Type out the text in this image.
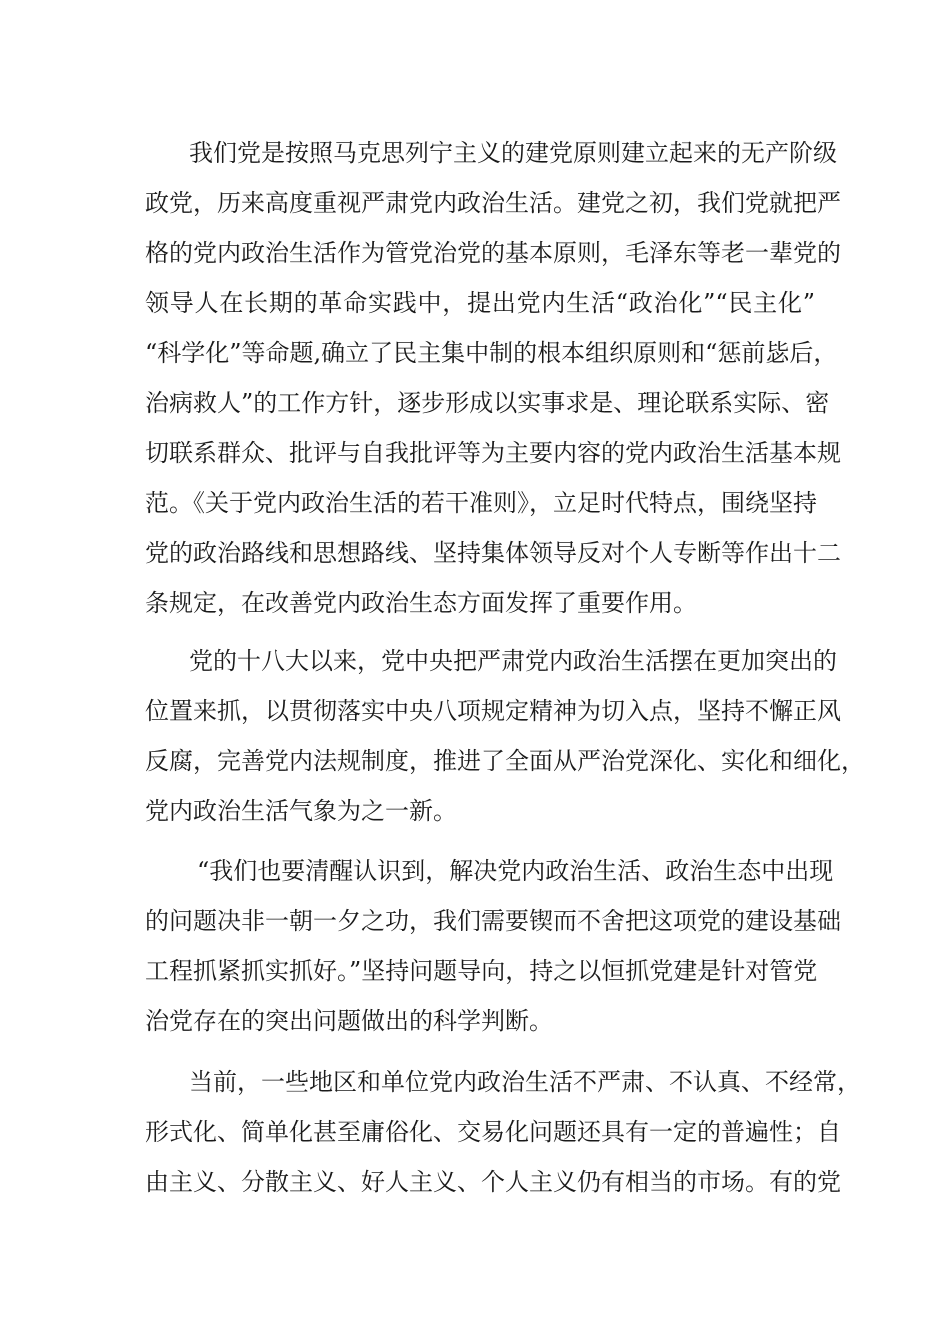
我们党是按照马克思列宁主义的建党原则建立起来的无产阶级
政党，历来高度重视严肃党内政治生活。建党之初，我们党就把严
格的党内政治生活作为管党治党的基本原则，毛泽东等老一辈党的
领导人在长期的革命实践中，提出党内生活“政治化”“民主化”
“科学化”等命题,确立了民主集中制的根本组织原则和“惩前毖后，
治病救人”的工作方针，逐步形成以实事求是、理论联系实际、密
切联系群众、批评与自我批评等为主要内容的党内政治生活基本规
范。《关于党内政治生活的若干准则》，立足时代特点，围绕坚持
党的政治路线和思想路线、坚持集体领导反对个人专断等作出十二
条规定，在改善党内政治生态方面发挥了重要作用。
党的十八大以来，党中央把严肃党内政治生活摆在更加突出的
位置来抓，以贯彻落实中央八项规定精神为切入点，坚持不懈正风
反腐，完善党内法规制度，推进了全面从严治党深化、实化和细化，
党内政治生活气象为之一新。
“我们也要清醒认识到，解决党内政治生活、政治生态中出现
的问题决非一朝一夕之功，我们需要锲而不舍把这项党的建设基础
工程抓紧抓实抓好。”坚持问题导向，持之以恒抓党建是针对管党
治党存在的突出问题做出的科学判断。
当前，一些地区和单位党内政治生活不严肃、不认真、不经常，
形式化、简单化甚至庸俗化、交易化问题还具有一定的普遍性；自
由主义、分散主义、好人主义、个人主义仍有相当的市场。有的党
